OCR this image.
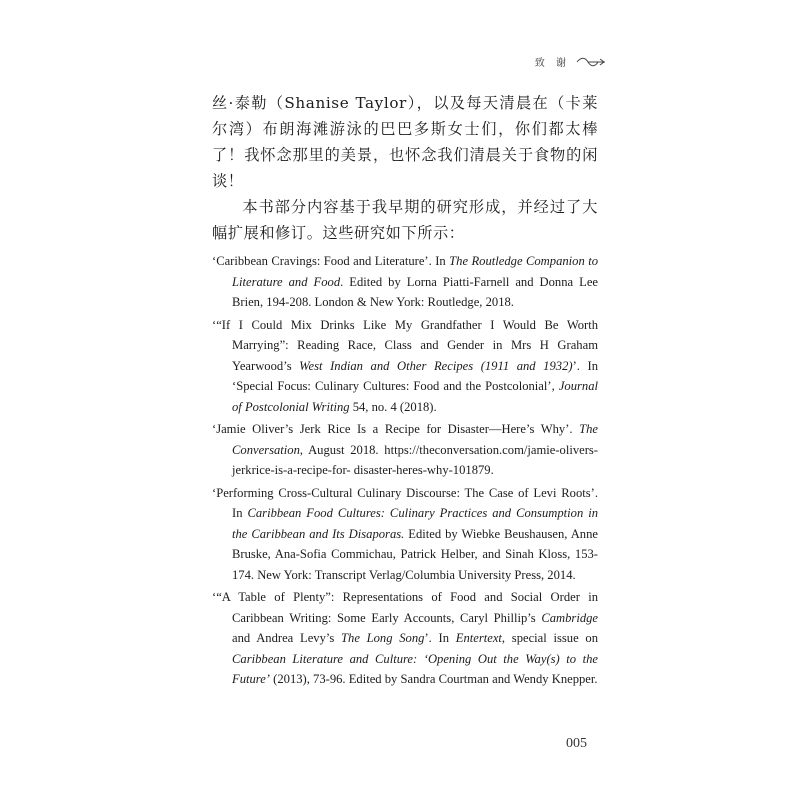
致 谢

丝·泰勒（Shanise Taylor），以及每天清晨在（卡莱尔湾）布朗海滩游泳的巴巴多斯女士们，你们都太棒了！我怀念那里的美景，也怀念我们清晨关于食物的闲谈！

本书部分内容基于我早期的研究形成，并经过了大幅扩展和修订。这些研究如下所示：

‘Caribbean Cravings: Food and Literature’. In The Routledge Companion to Literature and Food. Edited by Lorna Piatti-Farnell and Donna Lee Brien, 194-208. London & New York: Routledge, 2018.

‘“If I Could Mix Drinks Like My Grandfather I Would Be Worth Marrying”: Reading Race, Class and Gender in Mrs H Graham Yearwood’s West Indian and Other Recipes (1911 and 1932)’. In ‘Special Focus: Culinary Cultures: Food and the Postcolonial’, Journal of Postcolonial Writing 54, no. 4 (2018).

‘Jamie Oliver’s Jerk Rice Is a Recipe for Disaster—Here’s Why’. The Conversation, August 2018. https://theconversation.com/jamie-olivers-jerkrice-is-a-recipe-for- disaster-heres-why-101879.

‘Performing Cross-Cultural Culinary Discourse: The Case of Levi Roots’. In Caribbean Food Cultures: Culinary Practices and Consumption in the Caribbean and Its Disaporas. Edited by Wiebke Beushausen, Anne Bruske, Ana-Sofia Commichau, Patrick Helber, and Sinah Kloss, 153-174. New York: Transcript Verlag/Columbia University Press, 2014.

‘“A Table of Plenty”: Representations of Food and Social Order in Caribbean Writing: Some Early Accounts, Caryl Phillip’s Cambridge and Andrea Levy’s The Long Song’. In Entertext, special issue on Caribbean Literature and Culture: ‘Opening Out the Way(s) to the Future’ (2013), 73-96. Edited by Sandra Courtman and Wendy Knepper.

005
